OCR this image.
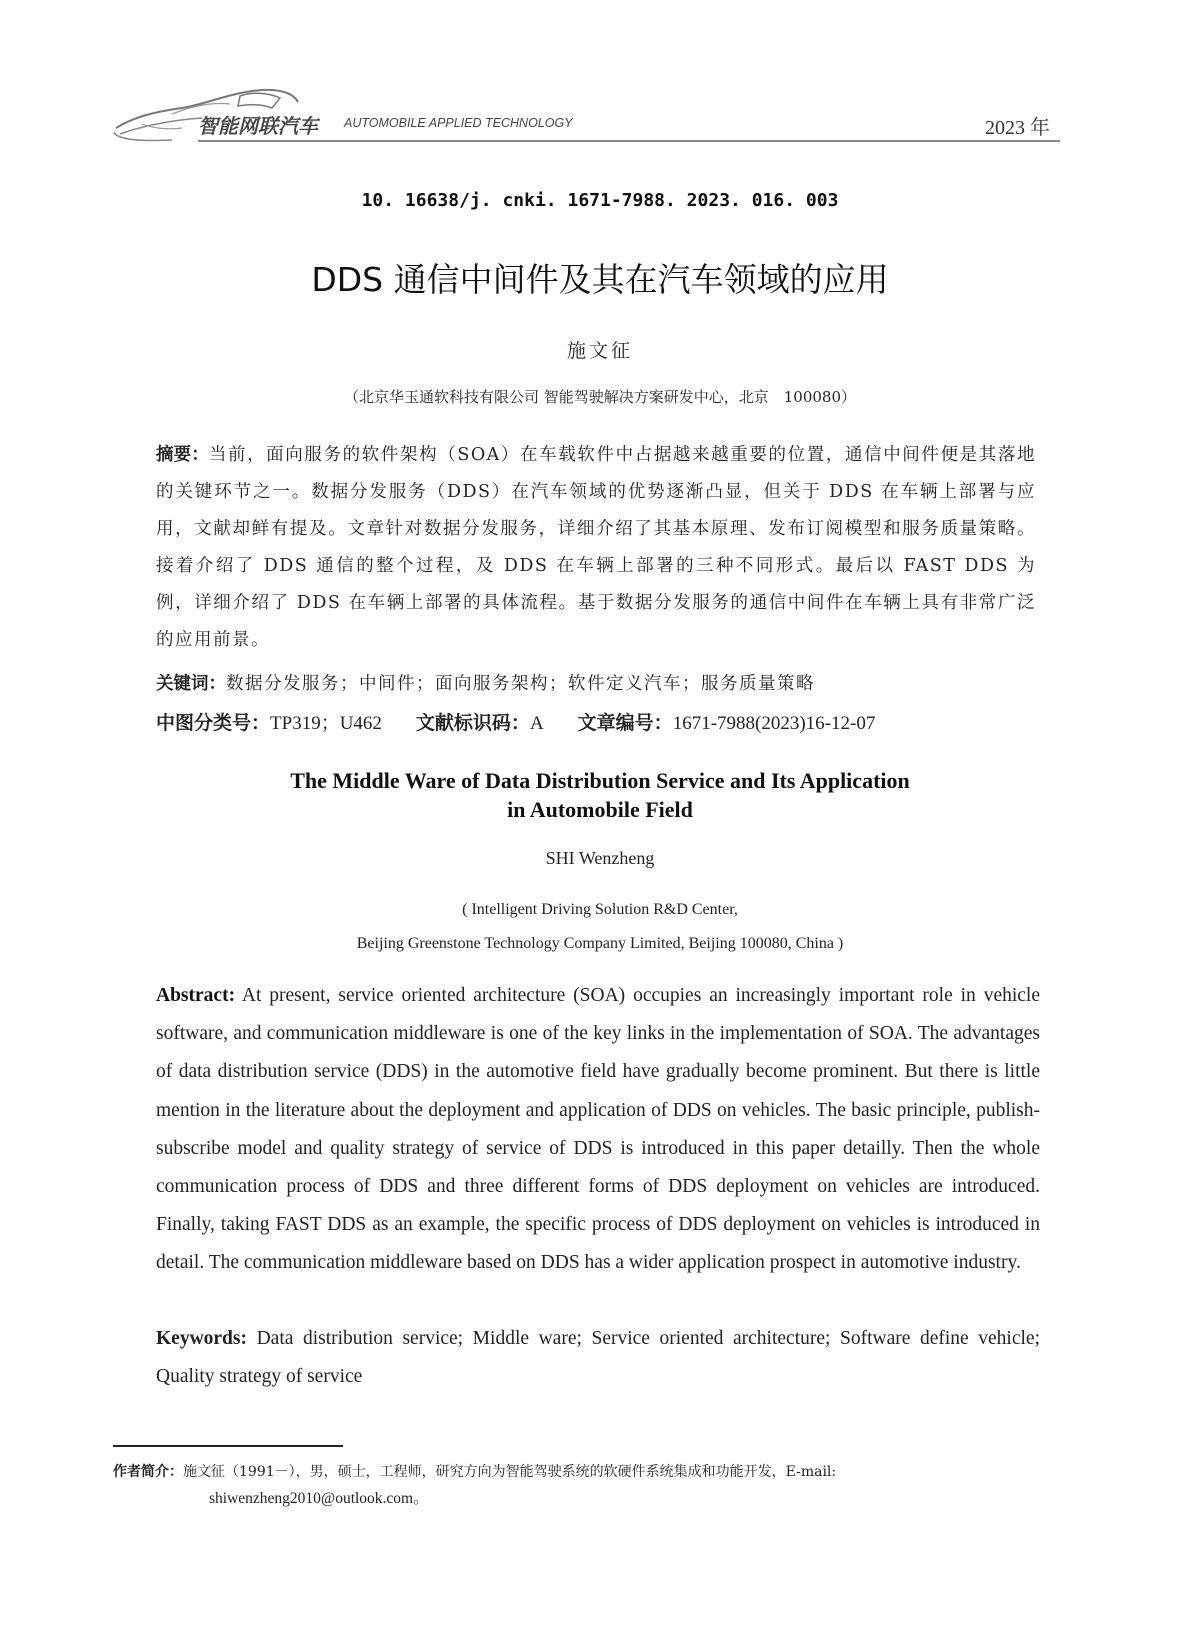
智能网联汽车 AUTOMOBILE APPLIED TECHNOLOGY	2023 年
10. 16638/j. cnki. 1671-7988. 2023. 016. 003
DDS 通信中间件及其在汽车领域的应用
施文征
（北京华玉通软科技有限公司 智能驾驶解决方案研发中心，北京　100080）
摘要：当前，面向服务的软件架构（SOA）在车载软件中占据越来越重要的位置，通信中间件便是其落地的关键环节之一。数据分发服务（DDS）在汽车领域的优势逐渐凸显，但关于 DDS 在车辆上部署与应用，文献却鲜有提及。文章针对数据分发服务，详细介绍了其基本原理、发布订阅模型和服务质量策略。接着介绍了 DDS 通信的整个过程，及 DDS 在车辆上部署的三种不同形式。最后以 FAST DDS 为例，详细介绍了 DDS 在车辆上部署的具体流程。基于数据分发服务的通信中间件在车辆上具有非常广泛的应用前景。
关键词：数据分发服务；中间件；面向服务架构；软件定义汽车；服务质量策略
中图分类号：TP319；U462 文献标识码：A 文章编号：1671-7988(2023)16-12-07
The Middle Ware of Data Distribution Service and Its Application
in Automobile Field
SHI Wenzheng
( Intelligent Driving Solution R&D Center,
Beijing Greenstone Technology Company Limited, Beijing 100080, China )
Abstract: At present, service oriented architecture (SOA) occupies an increasingly important role in vehicle software, and communication middleware is one of the key links in the implementation of SOA. The advantages of data distribution service (DDS) in the automotive field have gradually become prominent. But there is little mention in the literature about the deployment and application of DDS on vehicles. The basic principle, publish-subscribe model and quality strategy of service of DDS is introduced in this paper detailly. Then the whole communication process of DDS and three different forms of DDS deployment on vehicles are introduced. Finally, taking FAST DDS as an example, the specific process of DDS deployment on vehicles is introduced in detail. The communication middleware based on DDS has a wider application prospect in automotive industry.
Keywords: Data distribution service; Middle ware; Service oriented architecture; Software define vehicle; Quality strategy of service
作者简介：施文征（1991－），男，硕士，工程师，研究方向为智能驾驶系统的软硬件系统集成和功能开发，E-mail:
shiwenzheng2010@outlook.com。
